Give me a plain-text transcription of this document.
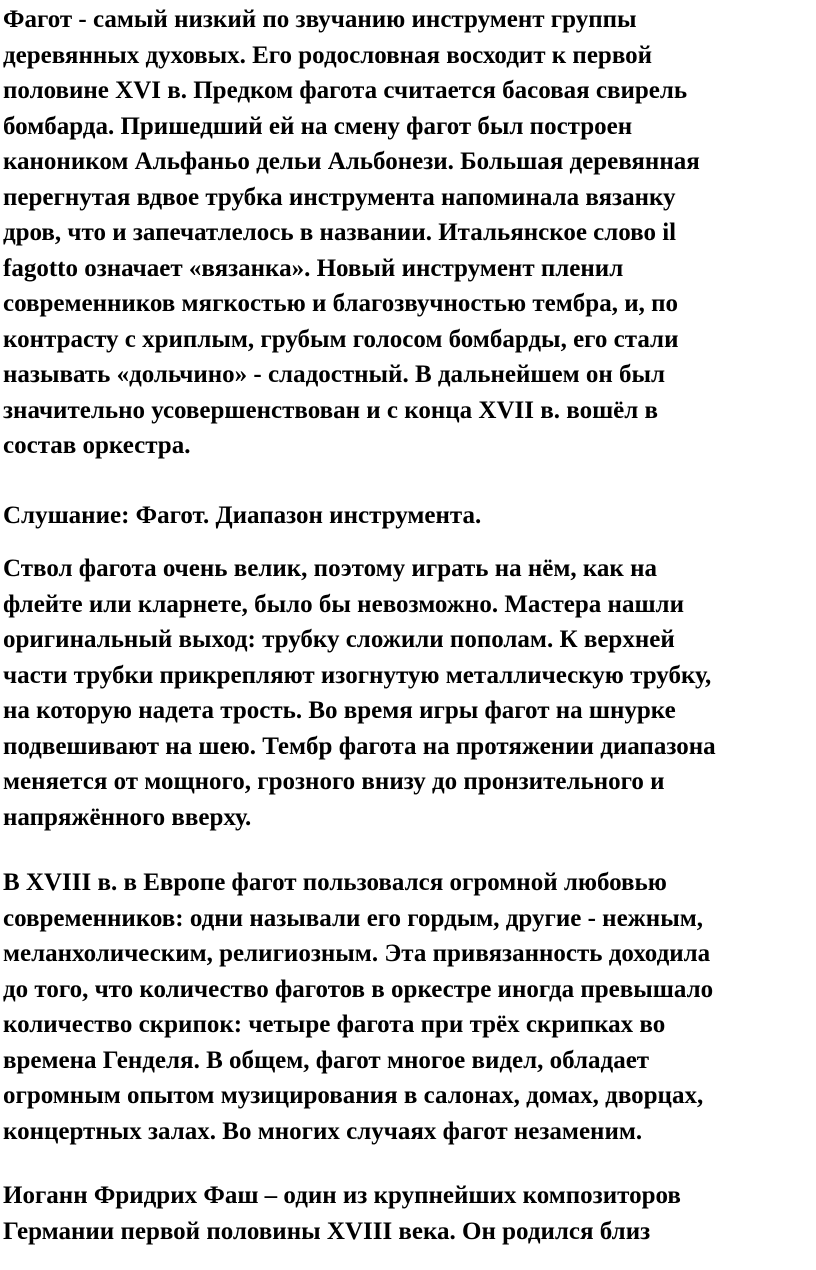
Фагот - самый низкий по звучанию инструмент группы
деревянных духовых. Его родословная восходит к первой
половине XVI в. Предком фагота считается басовая свирель
бомбарда. Пришедший ей на смену фагот был построен
каноником Альфаньо дельи Альбонези. Большая деревянная
перегнутая вдвое трубка инструмента напоминала вязанку
дров, что и запечатлелось в названии. Итальянское слово il
fagotto означает «вязанка». Новый инструмент пленил
современников мягкостью и благозвучностью тембра, и, по
контрасту с хриплым, грубым голосом бомбарды, его стали
называть «дольчино» - сладостный. В дальнейшем он был
значительно усовершенствован и с конца XVII в. вошёл в
состав оркестра.

Слушание: Фагот. Диапазон инструмента.

Ствол фагота очень велик, поэтому играть на нём, как на
флейте или кларнете, было бы невозможно. Мастера нашли
оригинальный выход: трубку сложили пополам. К верхней
части трубки прикрепляют изогнутую металлическую трубку,
на которую надета трость. Во время игры фагот на шнурке
подвешивают на шею. Тембр фагота на протяжении диапазона
меняется от мощного, грозного внизу до пронзительного и
напряжённого вверху.

В XVIII в. в Европе фагот пользовался огромной любовью
современников: одни называли его гордым, другие - нежным,
меланхолическим, религиозным. Эта привязанность доходила
до того, что количество фаготов в оркестре иногда превышало
количество скрипок: четыре фагота при трёх скрипках во
времена Генделя. В общем, фагот многое видел, обладает
огромным опытом музицирования в салонах, домах, дворцах,
концертных залах. Во многих случаях фагот незаменим.

Иоганн Фридрих Фаш – один из крупнейших композиторов
Германии первой половины XVIII века. Он родился близ
